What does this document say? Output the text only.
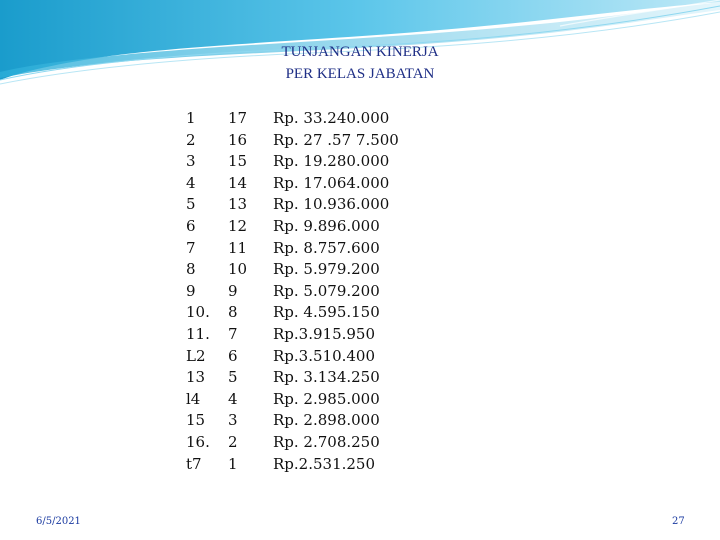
TUNJANGAN KINERJA
PER KELAS JABATAN
1
2
3
4
5
6
7
8
9
10.
11.
L2
13
l4
15
16.
t7
17
16
15
14
13
12
11
10
9
8
7
6
5
4
3
2
1
Rp. 33.240.000
Rp. 27 .57 7.500
Rp. 19.280.000
Rp. 17.064.000
Rp. 10.936.000
Rp. 9.896.000
Rp. 8.757.600
Rp. 5.979.200
Rp. 5.079.200
Rp. 4.595.150
Rp.3.915.950
Rp.3.510.400
Rp. 3.134.250
Rp. 2.985.000
Rp. 2.898.000
Rp. 2.708.250
Rp.2.531.250
6/5/2021	27
